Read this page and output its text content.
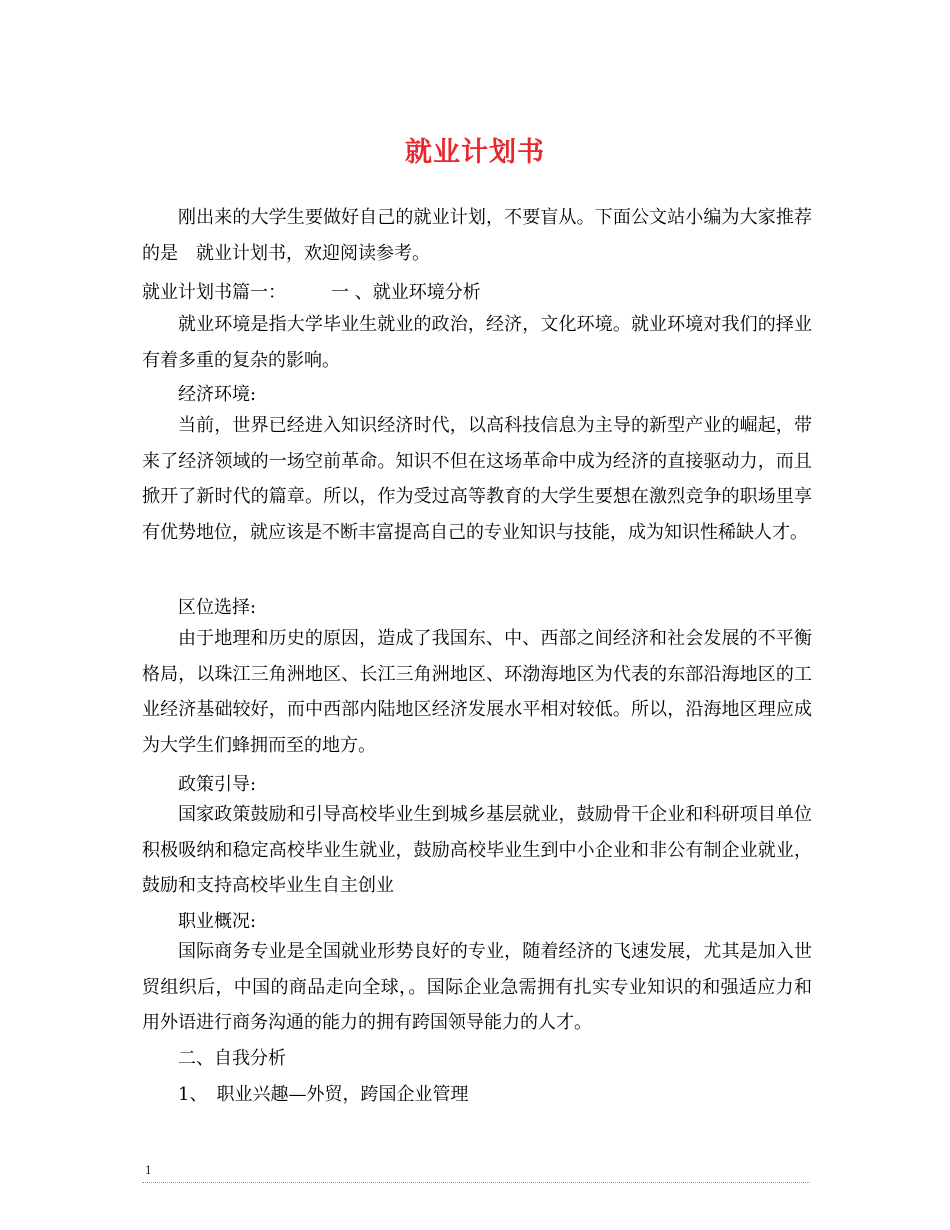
就业计划书

刚出来的大学生要做好自己的就业计划，不要盲从。下面公文站小编为大家推荐的是　就业计划书，欢迎阅读参考。

就业计划书篇一：　　　一 、就业环境分析

就业环境是指大学毕业生就业的政治，经济，文化环境。就业环境对我们的择业有着多重的复杂的影响。

经济环境:

当前，世界已经进入知识经济时代，以高科技信息为主导的新型产业的崛起，带来了经济领域的一场空前革命。知识不但在这场革命中成为经济的直接驱动力，而且掀开了新时代的篇章。所以，作为受过高等教育的大学生要想在激烈竞争的职场里享有优势地位，就应该是不断丰富提高自己的专业知识与技能，成为知识性稀缺人才。

区位选择:

由于地理和历史的原因，造成了我国东、中、西部之间经济和社会发展的不平衡格局，以珠江三角洲地区、长江三角洲地区、环渤海地区为代表的东部沿海地区的工业经济基础较好，而中西部内陆地区经济发展水平相对较低。所以，沿海地区理应成为大学生们蜂拥而至的地方。

政策引导:

国家政策鼓励和引导高校毕业生到城乡基层就业，鼓励骨干企业和科研项目单位积极吸纳和稳定高校毕业生就业，鼓励高校毕业生到中小企业和非公有制企业就业，鼓励和支持高校毕业生自主创业

职业概况:

国际商务专业是全国就业形势良好的专业，随着经济的飞速发展，尤其是加入世贸组织后，中国的商品走向全球，。国际企业急需拥有扎实专业知识的和强适应力和用外语进行商务沟通的能力的拥有跨国领导能力的人才。

二、自我分析

1、　职业兴趣—外贸，跨国企业管理

1
